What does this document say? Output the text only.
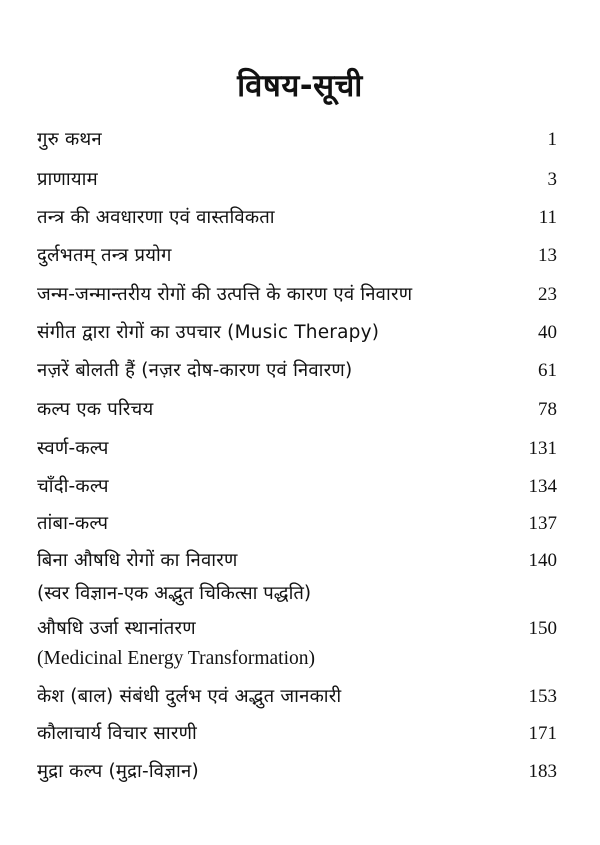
विषय-सूची
गुरु कथन	1
प्राणायाम	3
तन्त्र की अवधारणा एवं वास्तविकता	11
दुर्लभतम् तन्त्र प्रयोग	13
जन्म-जन्मान्तरीय रोगों की उत्पत्ति के कारण एवं निवारण	23
संगीत द्वारा रोगों का उपचार (Music Therapy)	40
नज़रें बोलती हैं (नज़र दोष-कारण एवं निवारण)	61
कल्प एक परिचय	78
स्वर्ण-कल्प	131
चाँदी-कल्प	134
तांबा-कल्प	137
बिना औषधि रोगों का निवारण	140
(स्वर विज्ञान-एक अद्भुत चिकित्सा पद्धति)
औषधि उर्जा स्थानांतरण	150
(Medicinal Energy Transformation)
केश (बाल) संबंधी दुर्लभ एवं अद्भुत जानकारी	153
कौलाचार्य विचार सारणी	171
मुद्रा कल्प (मुद्रा-विज्ञान)	183
